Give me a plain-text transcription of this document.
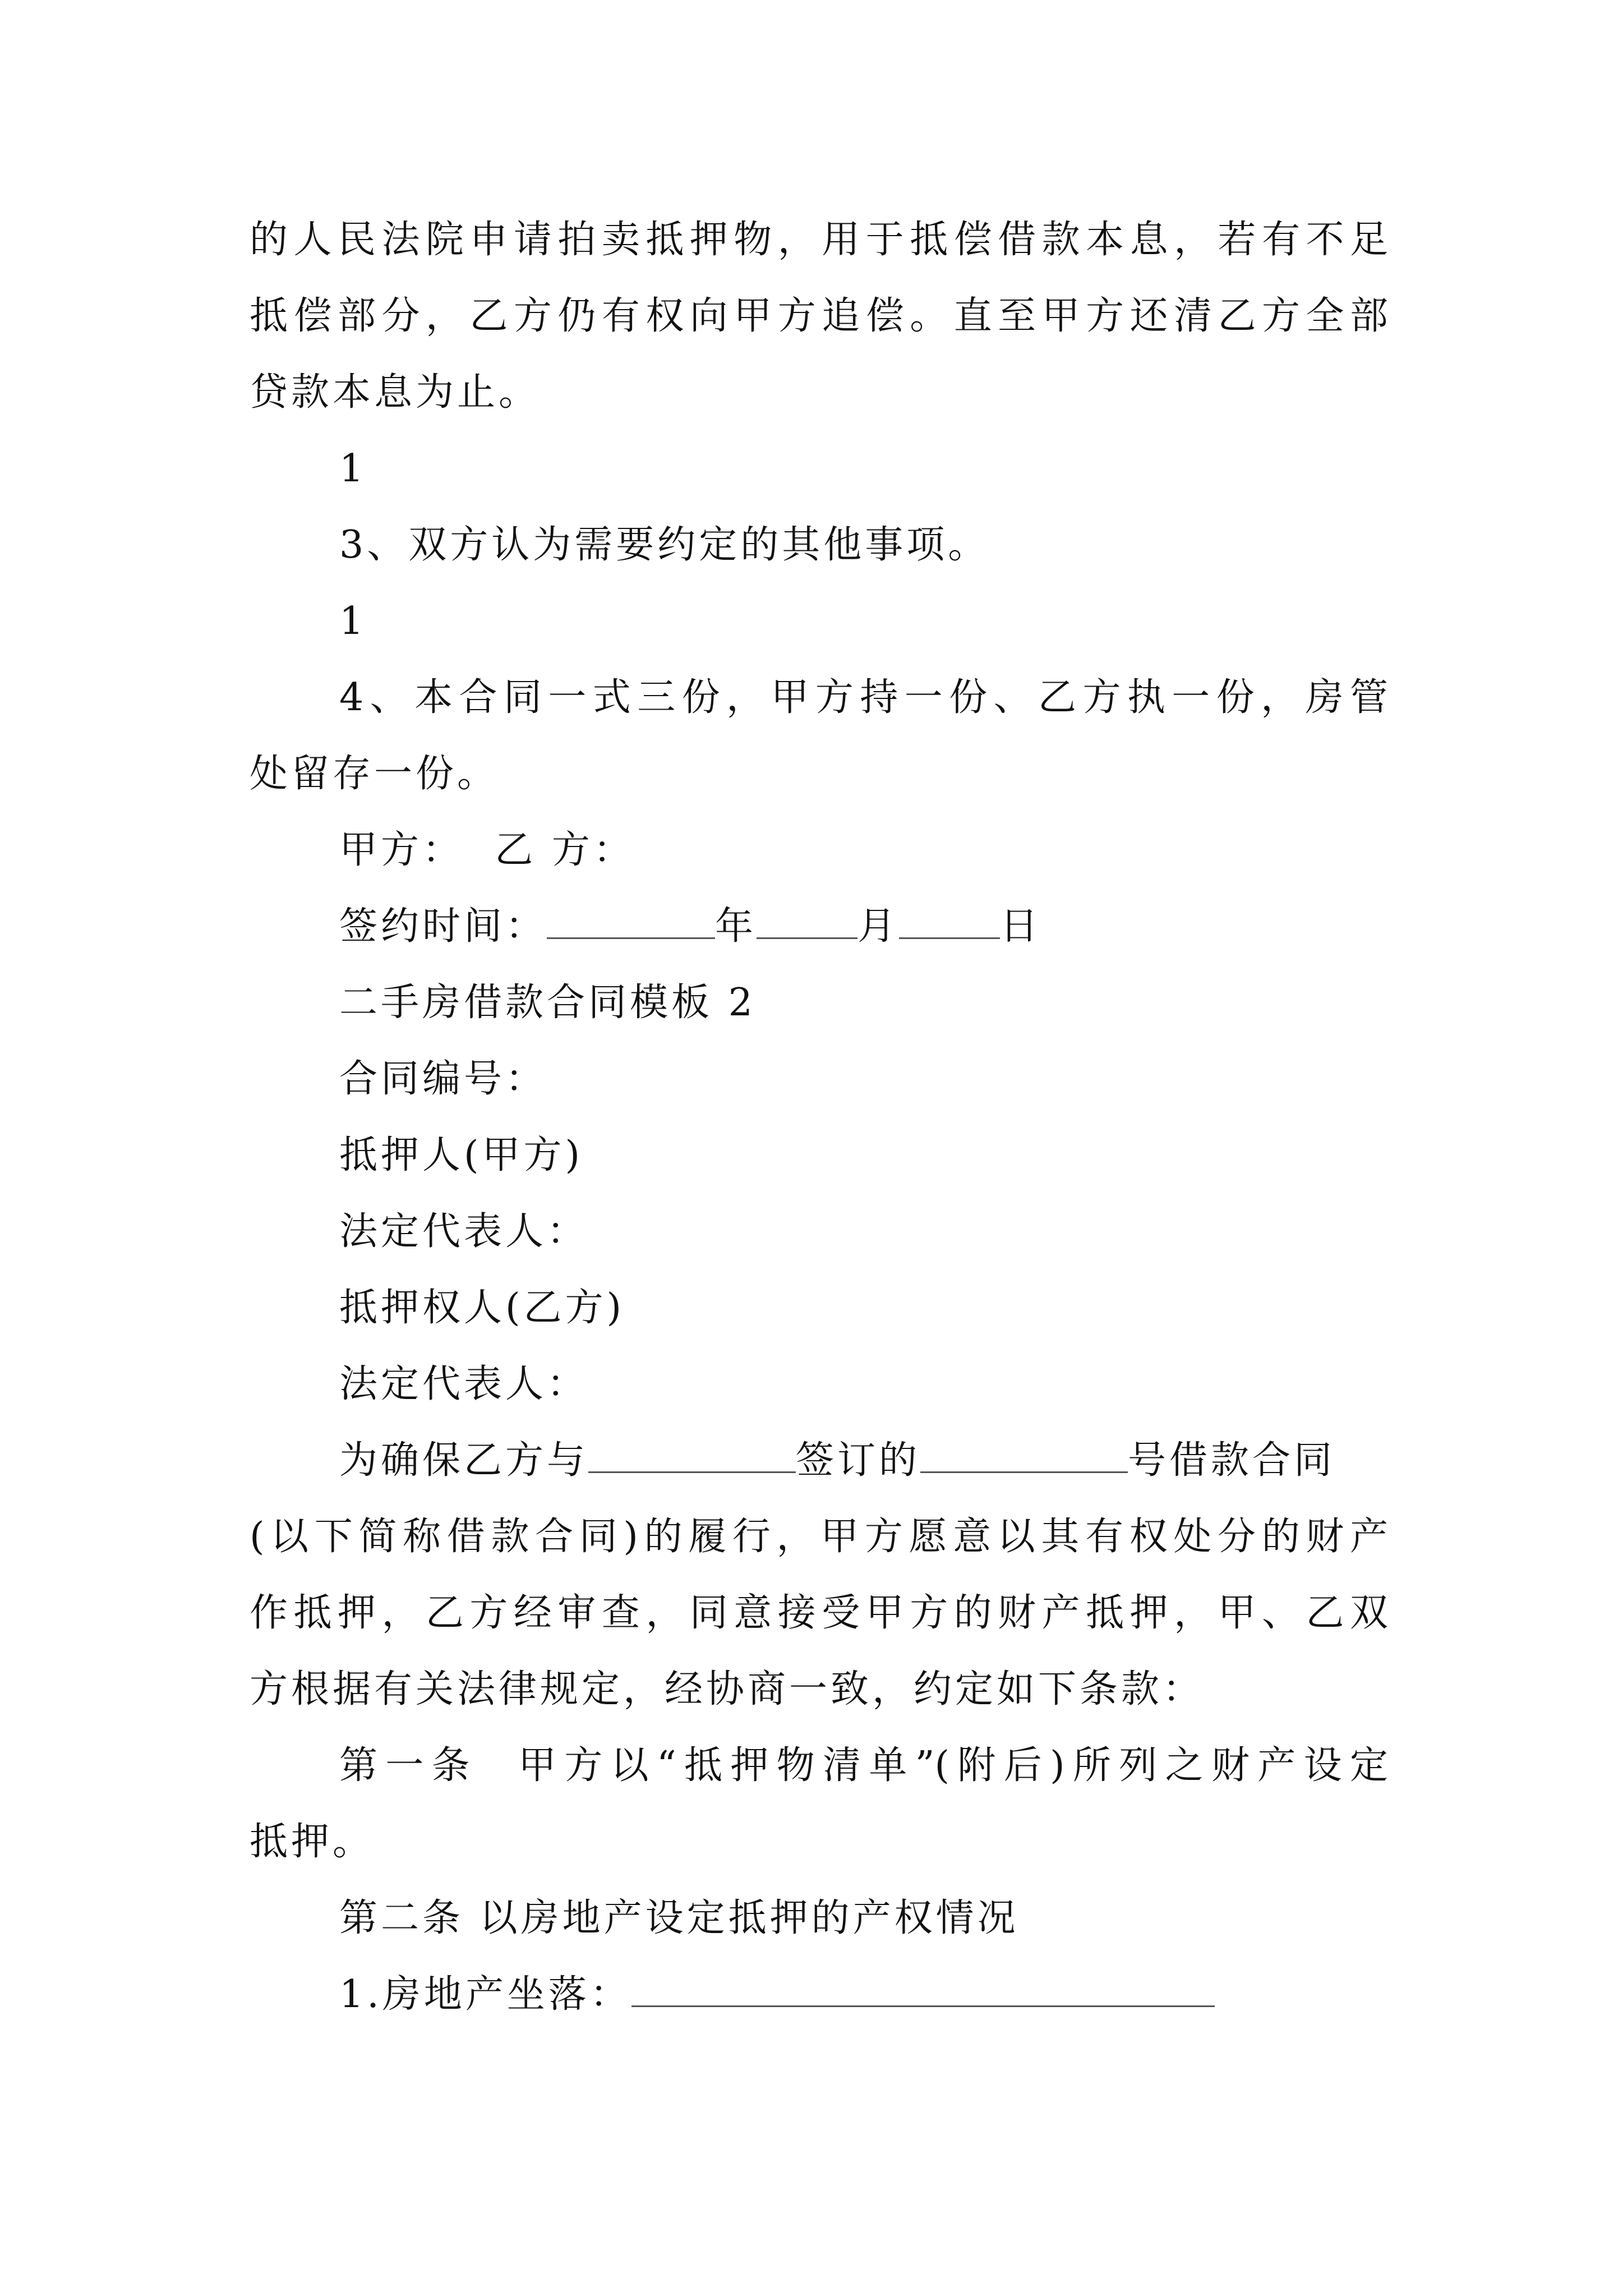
的人民法院申请拍卖抵押物，用于抵偿借款本息，若有不足
抵偿部分，乙方仍有权向甲方追偿。直至甲方还清乙方全部
贷款本息为止。
1
3、双方认为需要约定的其他事项。
1
4、本合同一式三份，甲方持一份、乙方执一份，房管
处留存一份。
甲方：  乙 方：
签约时间：	年	月	日
二手房借款合同模板 2
合同编号：
抵押人(甲方)
法定代表人：
抵押权人(乙方)
法定代表人：
为确保乙方与	签订的	号借款合同
(以下简称借款合同)的履行，甲方愿意以其有权处分的财产
作抵押，乙方经审查，同意接受甲方的财产抵押，甲、乙双
方根据有关法律规定，经协商一致，约定如下条款：
第一条  甲方以“抵押物清单”(附后)所列之财产设定
抵押。
第二条 以房地产设定抵押的产权情况
1.房地产坐落：
